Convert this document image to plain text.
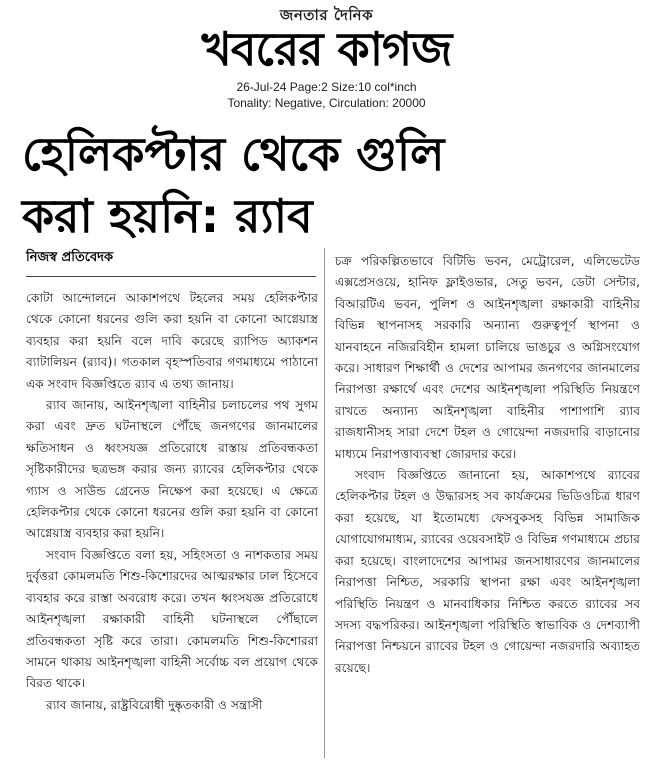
জনতার দৈনিক
খবরের কাগজ
26-Jul-24 Page:2 Size:10 col*inch
Tonality: Negative, Circulation: 20000
হেলিকপ্টার থেকে গুলি
করা হয়নি: র‍্যাব
নিজস্ব প্রতিবেদক

কোটা আন্দোলনে আকাশপথে টহলের সময় হেলিকপ্টার থেকে কোনো ধরনের গুলি করা হয়নি বা কোনো আগ্নেয়াস্ত্র ব্যবহার করা হয়নি বলে দাবি করেছে র‍্যাপিড অ্যাকশন ব্যাটালিয়ন (র‍্যাব)। গতকাল বৃহস্পতিবার গণমাধ্যমে পাঠানো এক সংবাদ বিজ্ঞপ্তিতে র‍্যাব এ তথ্য জানায়।

র‍্যাব জানায়, আইনশৃঙ্খলা বাহিনীর চলাচলের পথ সুগম করা এবং দ্রুত ঘটনাস্থলে পৌঁছে জনগণের জানমালের ক্ষতিসাধন ও ধ্বংসযজ্ঞ প্রতিরোধে রাস্তায় প্রতিবন্ধকতা সৃষ্টিকারীদের ছত্রভঙ্গ করার জন্য র‍্যাবের হেলিকপ্টার থেকে গ্যাস ও সাউন্ড গ্রেনেড নিক্ষেপ করা হয়েছে। এ ক্ষেত্রে হেলিকপ্টার থেকে কোনো ধরনের গুলি করা হয়নি বা কোনো আগ্নেয়াস্ত্র ব্যবহার করা হয়নি।

সংবাদ বিজ্ঞপ্তিতে বলা হয়, সহিংসতা ও নাশকতার সময় দুর্বৃত্তরা কোমলমতি শিশু-কিশোরদের আত্মরক্ষার ঢাল হিসেবে ব্যবহার করে রাস্তা অবরোধ করে। তখন ধ্বংসযজ্ঞ প্রতিরোধে আইনশৃঙ্খলা রক্ষাকারী বাহিনী ঘটনাস্থলে পৌঁছালে প্রতিবন্ধকতা সৃষ্টি করে তারা। কোমলমতি শিশু-কিশোররা সামনে থাকায় আইনশৃঙ্খলা বাহিনী সর্বোচ্চ বল প্রয়োগ থেকে বিরত থাকে।

র‍্যাব জানায়, রাষ্ট্রবিরোধী দুষ্কৃতকারী ও সন্ত্রাসী

চক্র পরিকল্পিতভাবে বিটিভি ভবন, মেট্রোরেল, এলিভেটেড এক্সপ্রেসওয়ে, হানিফ ফ্লাইওভার, সেতু ভবন, ডেটা সেন্টার, বিআরটিএ ভবন, পুলিশ ও আইনশৃঙ্খলা রক্ষাকারী বাহিনীর বিভিন্ন স্থাপনাসহ সরকারি অন্যান্য গুরুত্বপূর্ণ স্থাপনা ও যানবাহনে নজিরবিহীন হামলা চালিয়ে ভাঙচুর ও অগ্নিসংযোগ করে। সাধারণ শিক্ষার্থী ও দেশের আপামর জনগণের জানমালের নিরাপত্তা রক্ষার্থে এবং দেশের আইনশৃঙ্খলা পরিস্থিতি নিয়ন্ত্রণে রাখতে অন্যান্য আইনশৃঙ্খলা বাহিনীর পাশাপাশি র‍্যাব রাজধানীসহ সারা দেশে টহল ও গোয়েন্দা নজরদারি বাড়ানোর মাধ্যমে নিরাপত্তাব্যবস্থা জোরদার করে।

সংবাদ বিজ্ঞপ্তিতে জানানো হয়, আকাশপথে র‍্যাবের হেলিকপ্টার টহল ও উদ্ধারসহ সব কার্যক্রমের ভিডিওচিত্র ধারণ করা হয়েছে, যা ইতোমধ্যে ফেসবুকসহ বিভিন্ন সামাজিক যোগাযোগমাধ্যম, র‍্যাবের ওয়েবসাইট ও বিভিন্ন গণমাধ্যমে প্রচার করা হয়েছে। বাংলাদেশের আপামর জনসাধারণের জানমালের নিরাপত্তা নিশ্চিত, সরকারি স্থাপনা রক্ষা এবং আইনশৃঙ্খলা পরিস্থিতি নিয়ন্ত্রণ ও মানবাধিকার নিশ্চিত করতে র‍্যাবের সব সদস্য বদ্ধপরিকর। আইনশৃঙ্খলা পরিস্থিতি স্বাভাবিক ও দেশব্যাপী নিরাপত্তা নিশ্চয়নে র‍্যাবের টহল ও গোয়েন্দা নজরদারি অব্যাহত রয়েছে।
